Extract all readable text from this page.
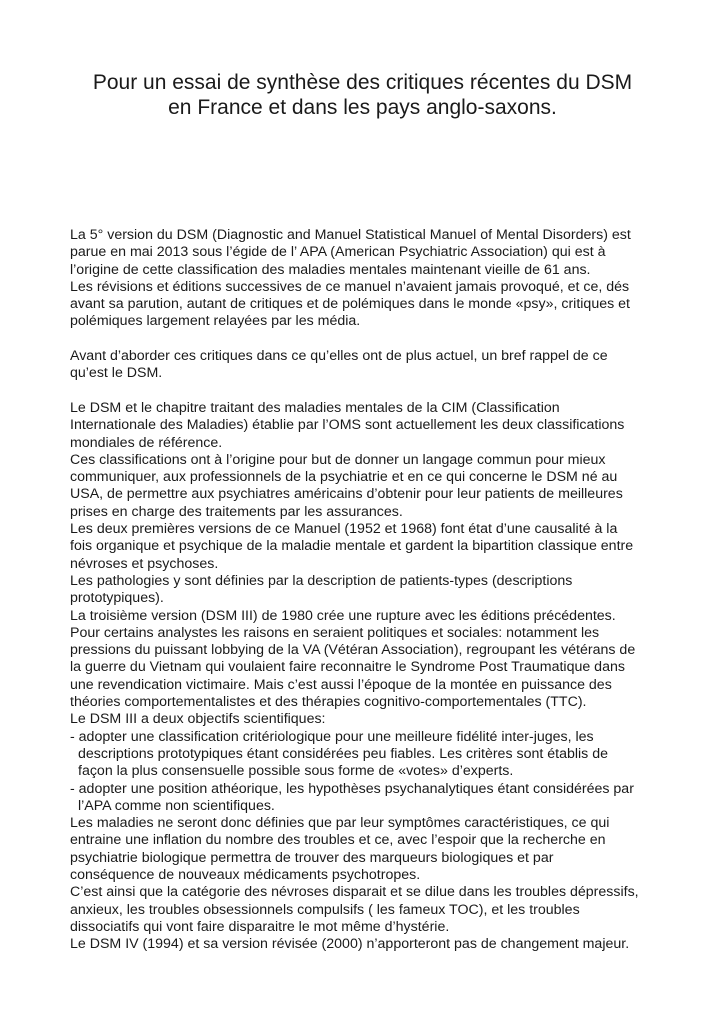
Pour un essai de synthèse des critiques récentes du DSM
en France et dans les pays anglo-saxons.

La 5° version du DSM (Diagnostic and Manuel Statistical Manuel of Mental Disorders) est

parue en mai 2013 sous l’égide de l’ APA (American Psychiatric Association) qui est à

l’origine de cette classification des maladies mentales maintenant vieille de 61 ans.

Les révisions et éditions successives de ce manuel n’avaient jamais provoqué, et ce, dés

avant sa parution, autant de critiques et de polémiques dans le monde «psy», critiques et

polémiques largement relayées par les média.

Avant d’aborder ces critiques dans ce qu’elles ont de plus actuel, un bref rappel de ce

qu’est le DSM.

Le DSM et le chapitre traitant des maladies mentales de la CIM (Classification

Internationale des Maladies) établie par l’OMS sont actuellement les deux classifications

mondiales de référence.

Ces classifications ont à l’origine pour but de donner un langage commun pour mieux

communiquer, aux professionnels de la psychiatrie et en ce qui concerne le DSM né au

USA, de permettre aux psychiatres américains d’obtenir pour leur patients de meilleures

prises en charge des traitements par les assurances.

Les deux premières versions de ce Manuel (1952 et 1968) font état d’une causalité à la

fois organique et psychique de la maladie mentale et gardent la bipartition classique entre

névroses et psychoses.

Les pathologies y sont définies par la description de patients-types (descriptions

prototypiques).

La troisième version (DSM III) de 1980 crée une rupture avec les éditions précédentes.

Pour certains analystes les raisons en seraient politiques et sociales: notamment les

pressions du puissant lobbying de la VA (Vétéran Association), regroupant les vétérans de

la guerre du Vietnam qui voulaient faire reconnaitre le Syndrome Post Traumatique dans

une revendication victimaire. Mais c’est aussi l’époque de la montée en puissance des

théories comportementalistes et des thérapies cognitivo-comportementales (TTC).

Le DSM III a deux objectifs scientifiques:

- adopter une classification critériologique pour une meilleure fidélité inter-juges, les

descriptions prototypiques étant considérées peu fiables. Les critères sont établis de

façon la plus consensuelle possible sous forme de «votes» d’experts.

- adopter une position athéorique, les hypothèses psychanalytiques étant considérées par

l’APA comme non scientifiques.

Les maladies ne seront donc définies que par leur symptômes caractéristiques, ce qui

entraine une inflation du nombre des troubles et ce, avec l’espoir que la recherche en

psychiatrie biologique permettra de trouver des marqueurs biologiques et par

conséquence de nouveaux médicaments psychotropes.

C’est ainsi que la catégorie des névroses disparait et se dilue dans les troubles dépressifs,

anxieux, les troubles obsessionnels compulsifs ( les fameux TOC), et les troubles

dissociatifs qui vont faire disparaitre le mot même d’hystérie.

Le DSM IV (1994) et sa version révisée (2000) n’apporteront pas de changement majeur.
